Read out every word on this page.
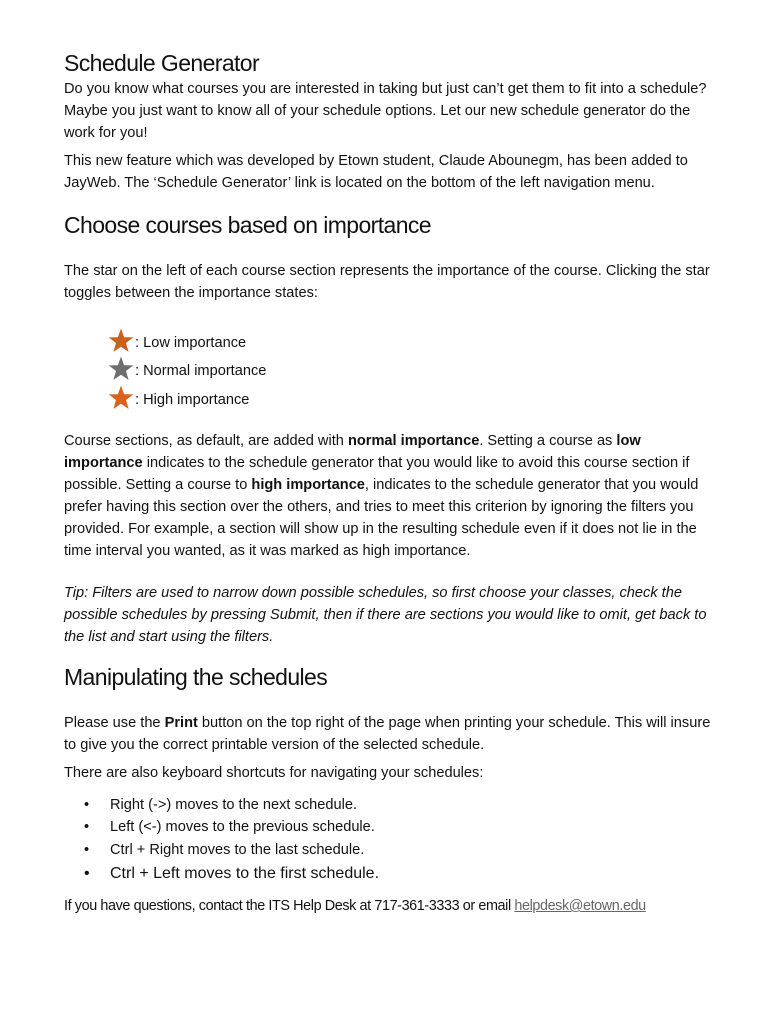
Schedule Generator

Do you know what courses you are interested in taking but just can’t get them to fit into a schedule? Maybe you just want to know all of your schedule options. Let our new schedule generator do the work for you!

This new feature which was developed by Etown student, Claude Abounegm, has been added to JayWeb. The ‘Schedule Generator’ link is located on the bottom of the left navigation menu.

Choose courses based on importance

The star on the left of each course section represents the importance of the course. Clicking the star toggles between the importance states:

: Low importance
: Normal importance
: High importance

Course sections, as default, are added with normal importance. Setting a course as low importance indicates to the schedule generator that you would like to avoid this course section if possible. Setting a course to high importance, indicates to the schedule generator that you would prefer having this section over the others, and tries to meet this criterion by ignoring the filters you provided. For example, a section will show up in the resulting schedule even if it does not lie in the time interval you wanted, as it was marked as high importance.

Tip: Filters are used to narrow down possible schedules, so first choose your classes, check the possible schedules by pressing Submit, then if there are sections you would like to omit, get back to the list and start using the filters.

Manipulating the schedules

Please use the Print button on the top right of the page when printing your schedule. This will insure to give you the correct printable version of the selected schedule.

There are also keyboard shortcuts for navigating your schedules:

• Right (->) moves to the next schedule.
• Left (<-) moves to the previous schedule.
• Ctrl + Right moves to the last schedule.
• Ctrl + Left moves to the first schedule.

If you have questions, contact the ITS Help Desk at 717-361-3333 or email helpdesk@etown.edu
